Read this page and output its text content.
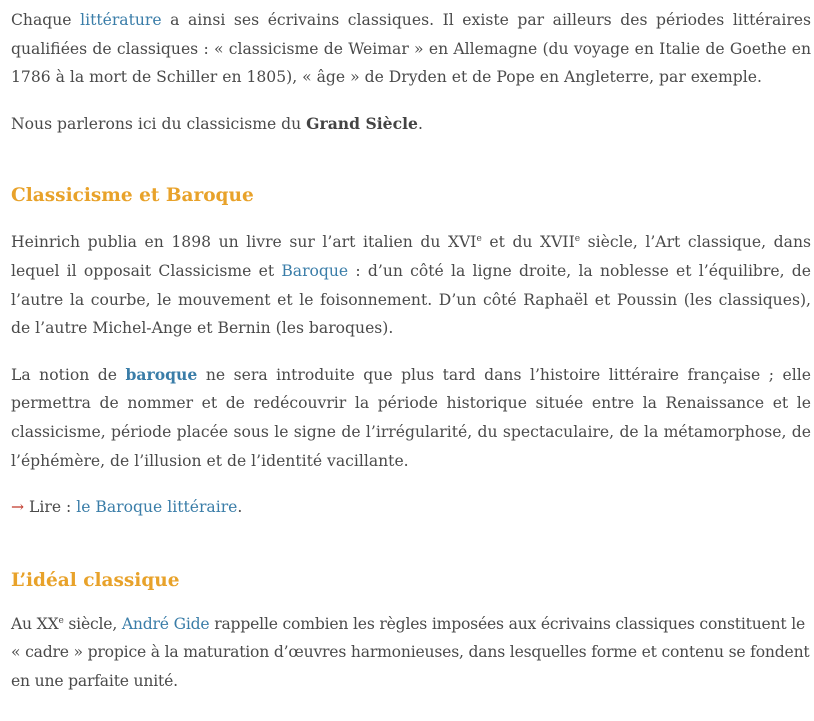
Chaque littérature a ainsi ses écrivains classiques. Il existe par ailleurs des périodes littéraires qualifiées de classiques : « classicisme de Weimar » en Allemagne (du voyage en Italie de Goethe en 1786 à la mort de Schiller en 1805), « âge » de Dryden et de Pope en Angleterre, par exemple.

Nous parlerons ici du classicisme du Grand Siècle.

Classicisme et Baroque

Heinrich publia en 1898 un livre sur l’art italien du XVIe et du XVIIe siècle, l’Art classique, dans lequel il opposait Classicisme et Baroque : d’un côté la ligne droite, la noblesse et l’équilibre, de l’autre la courbe, le mouvement et le foisonnement. D’un côté Raphaël et Poussin (les classiques), de l’autre Michel-Ange et Bernin (les baroques).

La notion de baroque ne sera introduite que plus tard dans l’histoire littéraire française ; elle permettra de nommer et de redécouvrir la période historique située entre la Renaissance et le classicisme, période placée sous le signe de l’irrégularité, du spectaculaire, de la métamorphose, de l’éphémère, de l’illusion et de l’identité vacillante.

→ Lire : le Baroque littéraire.

L’idéal classique

Au XXe siècle, André Gide rappelle combien les règles imposées aux écrivains classiques constituent le « cadre » propice à la maturation d’œuvres harmonieuses, dans lesquelles forme et contenu se fondent en une parfaite unité.
